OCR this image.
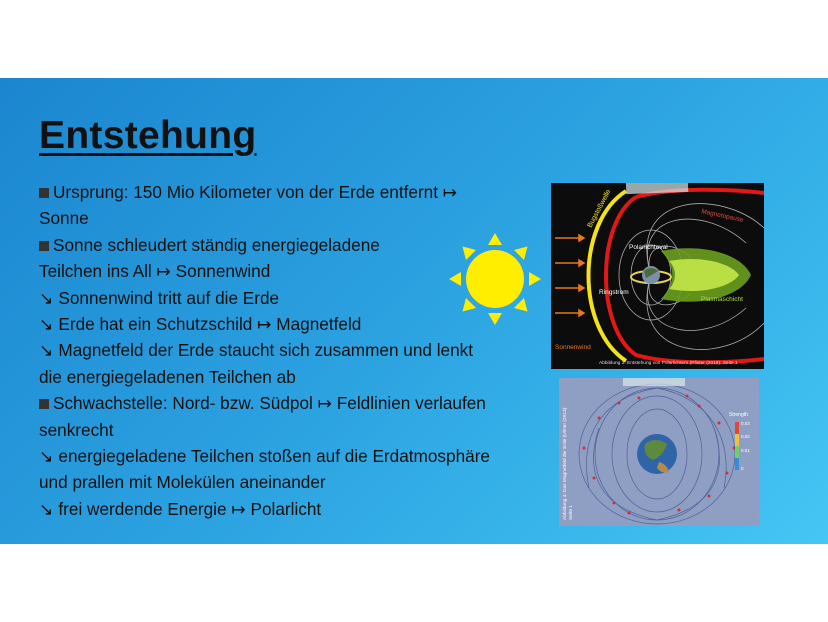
Entstehung
Ursprung: 150 Mio Kilometer von der Erde entfernt ↦
Sonne
Sonne schleudert ständig energiegeladene
Teilchen ins All ↦ Sonnenwind
↘ Sonnenwind tritt auf die Erde
↘ Erde hat ein Schutzschild ↦ Magnetfeld
↘ Magnetfeld der Erde staucht sich zusammen und lenkt
die energiegeladenen Teilchen ab
Schwachstelle: Nord- bzw. Südpol ↦ Feldlinien verlaufen
senkrecht
↘ energiegeladene Teilchen stoßen auf die Erdatmosphäre
und prallen mit Molekülen aneinander
↘ frei werdende Energie ↦ Polarlicht
Bugstoßwelle	Magnetopause
Polarlichtoval
Ringstrom
Plasmaschicht
Sonnenwind
Abbildung 3: Entstehung von Polarlichtern (Pfister (2018): Seite 1
Strength
0.03
0.02
0.01
0
Abbildung 4: Das Magnetfeld der Erde (Ulmer (2013): Seite 1
